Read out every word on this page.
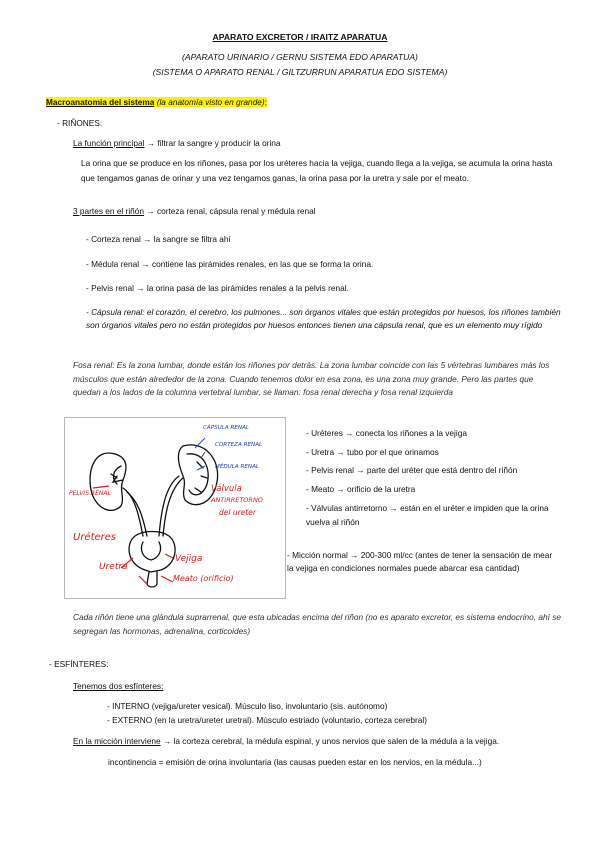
APARATO EXCRETOR / IRAITZ APARATUA
(APARATO URINARIO / GERNU SISTEMA EDO APARATUA)
(SISTEMA O APARATO RENAL / GILTZURRUN APARATUA EDO SISTEMA)
Macroanatomia del sistema (la anatomía visto en grande):
- RIÑONES:
La función principal → filtrar la sangre y producir la orina
La orina que se produce en los riñones, pasa por los uréteres hacia la vejiga, cuando llega a la vejiga, se acumula la orina hasta que tengamos ganas de orinar y una vez tengamos ganas, la orina pasa por la uretra y sale por el meato.
3 partes en el riñón → corteza renal, cápsula renal y médula renal
- Corteza renal → la sangre se filtra ahí
- Médula renal → contiene las pirámides renales, en las que se forma la orina.
- Pelvis renal → la orina pasa de las pirámides renales a la pelvis renal.
- Cápsula renal: el corazón, el cerebro, los pulmones... son órganos vitales que están protegidos por huesos, los riñones también son órganos vitales pero no están protegidos por huesos entonces tienen una cápsula renal, que es un elemento muy rígido
Fosa renal: Es la zona lumbar, donde están los riñones por detrás. La zona lumbar coincide con las 5 vértebras lumbares más los músculos que están alrededor de la zona. Cuando tenemos dolor en esa zona, es una zona muy grande. Pero las partes que quedan a los lados de la columna vertebral lumbar, se llaman: fosa renal derecha y fosa renal izquierda
CÁPSULA RENAL
CORTEZA RENAL
MÉDULA RENAL
PELVIS RENAL	Válvula
ANTIRRETORNO
del ureter
Uréteres
Vejiga
Uretra
Meato (orificio)
- Uréteres → conecta los riñones a la vejiga
- Uretra → tubo por el que orinamos
- Pelvis renal → parte del uréter que está dentro del riñón
- Meato → orificio de la uretra
- Válvulas antirretorno → están en el uréter e impiden que la orina vuelva al riñón
- Micción normal → 200-300 ml/cc (antes de tener la sensación de mear la vejiga en condiciones normales puede abarcar esa cantidad)
Cada riñón tiene una glándula suprarrenal, que esta ubicadas encima del riñon (no es aparato excretor, es sistema endocrino, ahí se segregan las hormonas, adrenalina, corticoides)
- ESFÍNTERES:
Tenemos dos esfínteres:
- INTERNO (vejiga/ureter vesical). Músculo liso, involuntario (sis. autónomo)
- EXTERNO (en la uretra/ureter uretral). Músculo estriado (voluntario, corteza cerebral)
En la micción interviene → la corteza cerebral, la médula espinal, y unos nervios que salen de la médula a la vejiga.
incontinencia = emisión de orina involuntaria (las causas pueden estar en los nervios, en la médula...)
